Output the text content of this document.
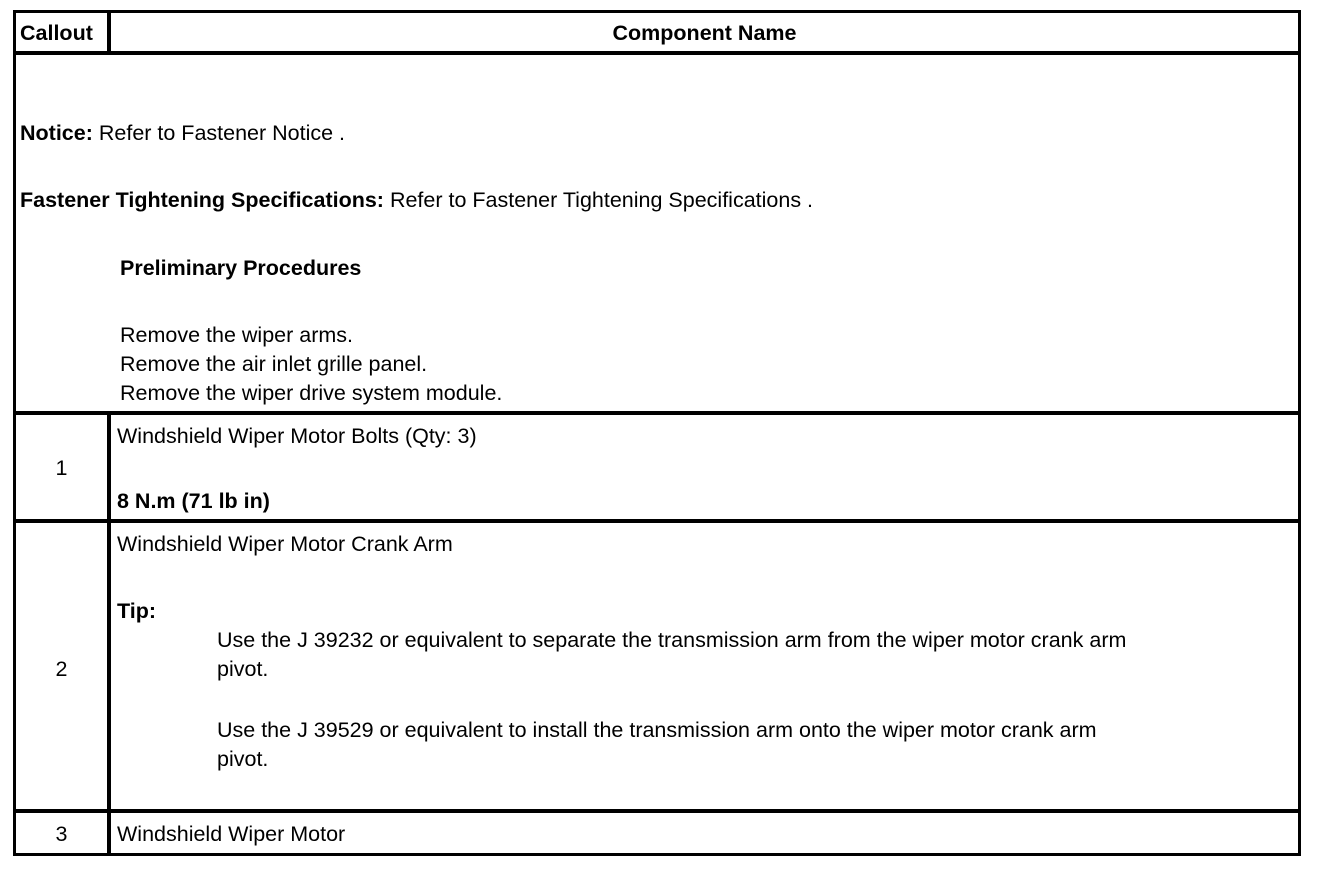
Callout	Component Name
Notice: Refer to Fastener Notice .
Fastener Tightening Specifications: Refer to Fastener Tightening Specifications .
Preliminary Procedures
Remove the wiper arms.
Remove the air inlet grille panel.
Remove the wiper drive system module.
1
Windshield Wiper Motor Bolts (Qty: 3)
8 N.m (71 lb in)
2
Windshield Wiper Motor Crank Arm
Tip:
Use the J 39232 or equivalent to separate the transmission arm from the wiper motor crank arm
pivot.
Use the J 39529 or equivalent to install the transmission arm onto the wiper motor crank arm
pivot.
3	Windshield Wiper Motor
